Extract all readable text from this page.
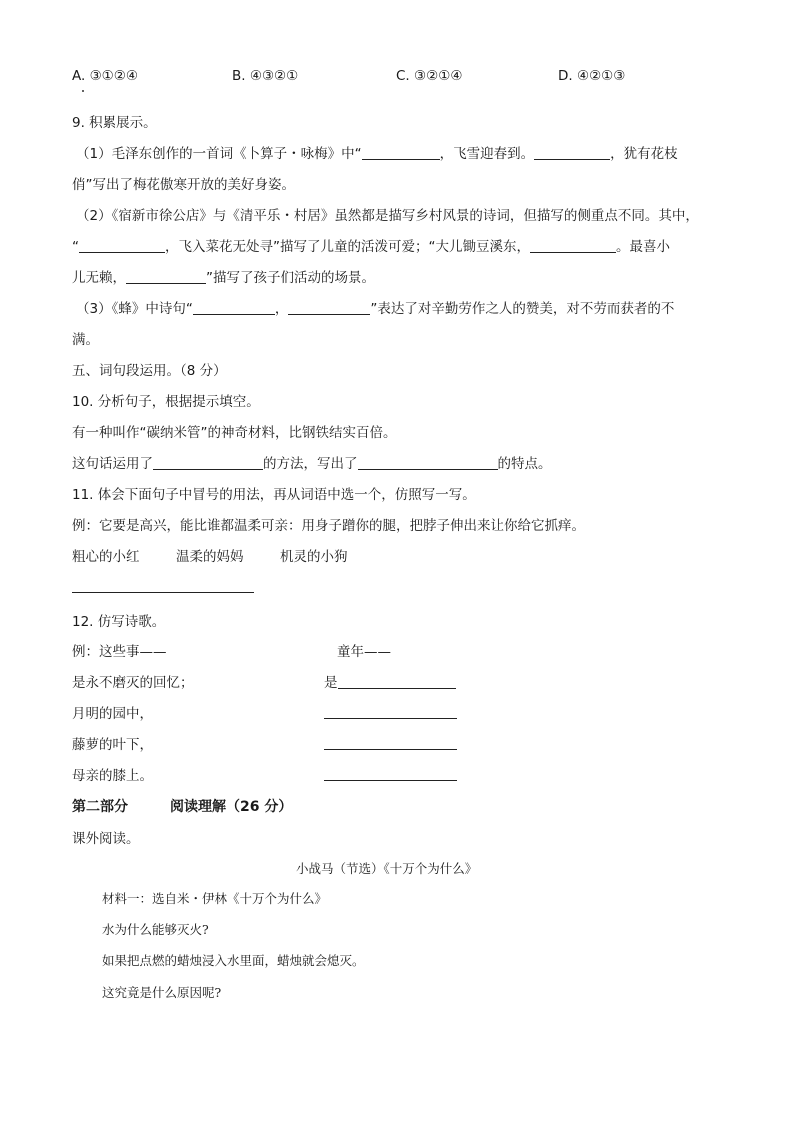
A. ③①②④	B. ④③②①	C. ③②①④	D. ④②①③
9. 积累展示。
（1）毛泽东创作的一首词《卜算子・咏梅》中“	，飞雪迎春到。	，犹有花枝
俏”写出了梅花傲寒开放的美好身姿。
（2）《宿新市徐公店》与《清平乐・村居》虽然都是描写乡村风景的诗词，但描写的侧重点不同。其中，
“	，飞入菜花无处寻”描写了儿童的活泼可爱；“大儿锄豆溪东，	。最喜小
儿无赖，	”描写了孩子们活动的场景。
（3）《蜂》中诗句“	，	”表达了对辛勤劳作之人的赞美，对不劳而获者的不
满。
五、词句段运用。（8 分）
10. 分析句子，根据提示填空。
有一种叫作“碳纳米管”的神奇材料，比钢铁结实百倍。
这句话运用了	的方法，写出了	的特点。
11. 体会下面句子中冒号的用法，再从词语中选一个，仿照写一写。
例：它要是高兴，能比谁都温柔可亲：用身子蹭你的腿，把脖子伸出来让你给它抓痒。
粗心的小红	温柔的妈妈	机灵的小狗
12. 仿写诗歌。
例：这些事——	童年——
是永不磨灭的回忆；	是
月明的园中，
藤萝的叶下，
母亲的膝上。
第二部分	阅读理解（26 分）
课外阅读。
小战马（节选）《十万个为什么》
材料一：选自米・伊林《十万个为什么》
水为什么能够灭火?
如果把点燃的蜡烛浸入水里面，蜡烛就会熄灭。
这究竟是什么原因呢?
